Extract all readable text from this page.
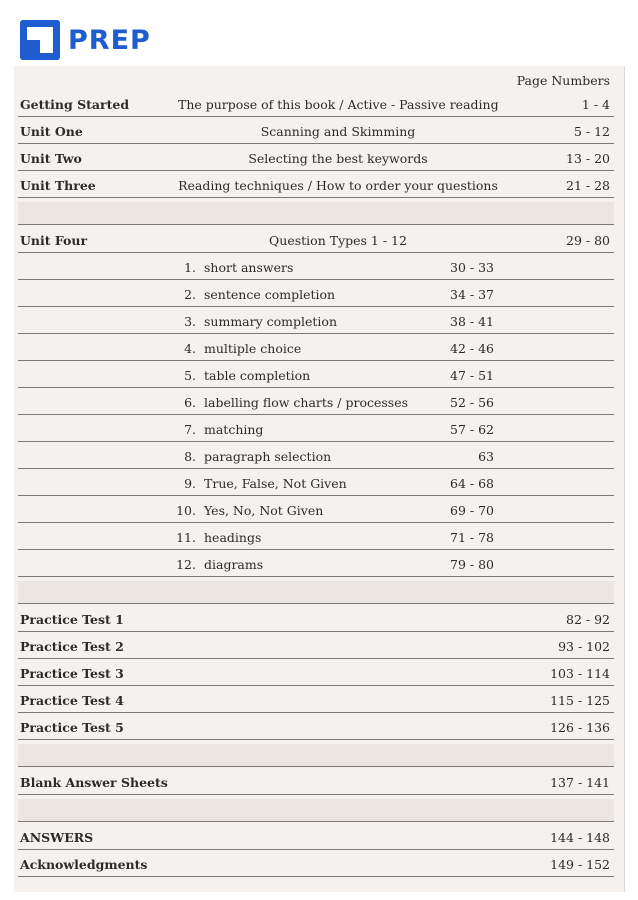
PREP
Page Numbers
Getting Started	The purpose of this book / Active - Passive reading	1 - 4
Unit One	Scanning and Skimming	5 - 12
Unit Two	Selecting the best keywords	13 - 20
Unit Three	Reading techniques / How to order your questions	21 - 28
Unit Four	Question Types 1 - 12	29 - 80
1. short answers	30 - 33
2. sentence completion	34 - 37
3. summary completion	38 - 41
4. multiple choice	42 - 46
5. table completion	47 - 51
6. labelling flow charts / processes	52 - 56
7. matching	57 - 62
8. paragraph selection	63
9. True, False, Not Given	64 - 68
10. Yes, No, Not Given	69 - 70
11. headings	71 - 78
12. diagrams	79 - 80
Practice Test 1	82 - 92
Practice Test 2	93 - 102
Practice Test 3	103 - 114
Practice Test 4	115 - 125
Practice Test 5	126 - 136
Blank Answer Sheets	137 - 141
ANSWERS	144 - 148
Acknowledgments	149 - 152
